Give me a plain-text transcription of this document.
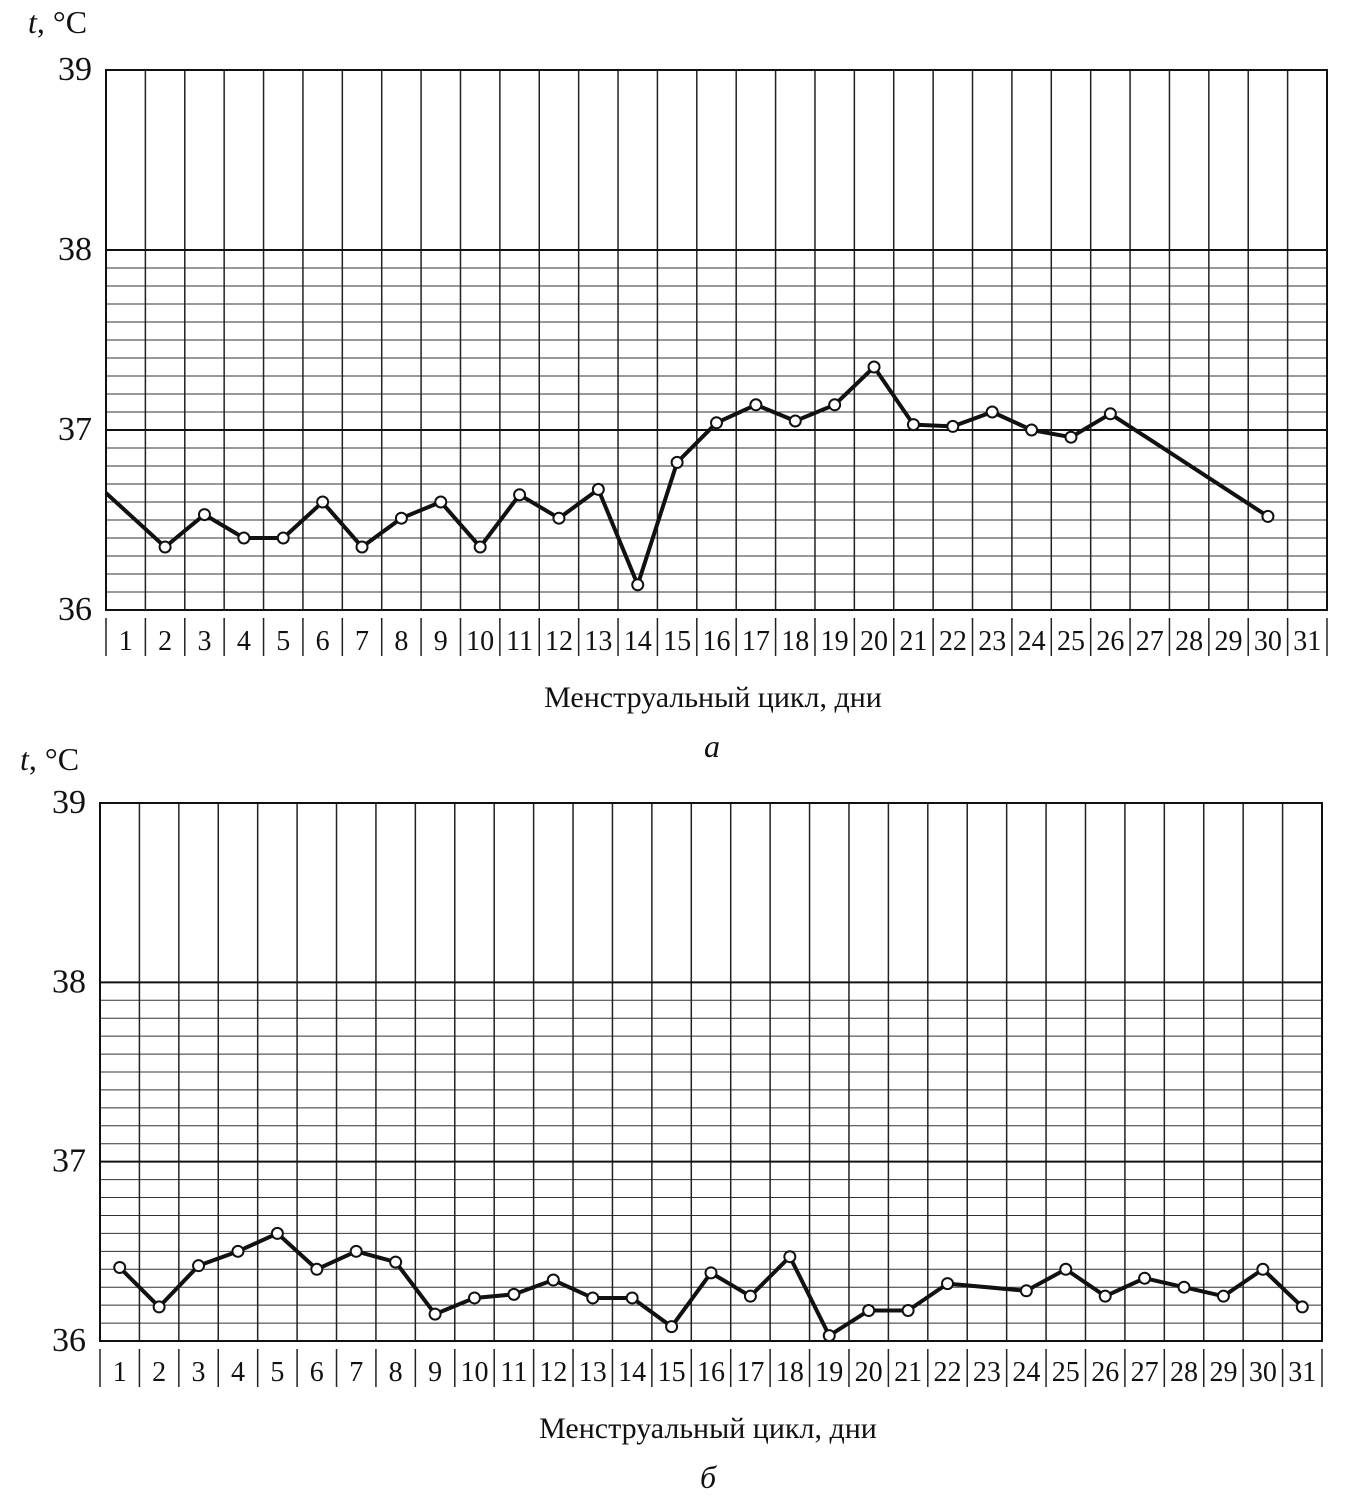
t, °C
36
37
38
39
1 2 3 4 5 6 7 8 9 10 11 12 13 14 15 16 17 18 19 20 21 22 23 24 25 26 27 28 29 30 31
Менструальный цикл, дни
а
t, °C
36
37
38
39
1 2 3 4 5 6 7 8 9 10 11 12 13 14 15 16 17 18 19 20 21 22 23 24 25 26 27 28 29 30 31
Менструальный цикл, дни
б
